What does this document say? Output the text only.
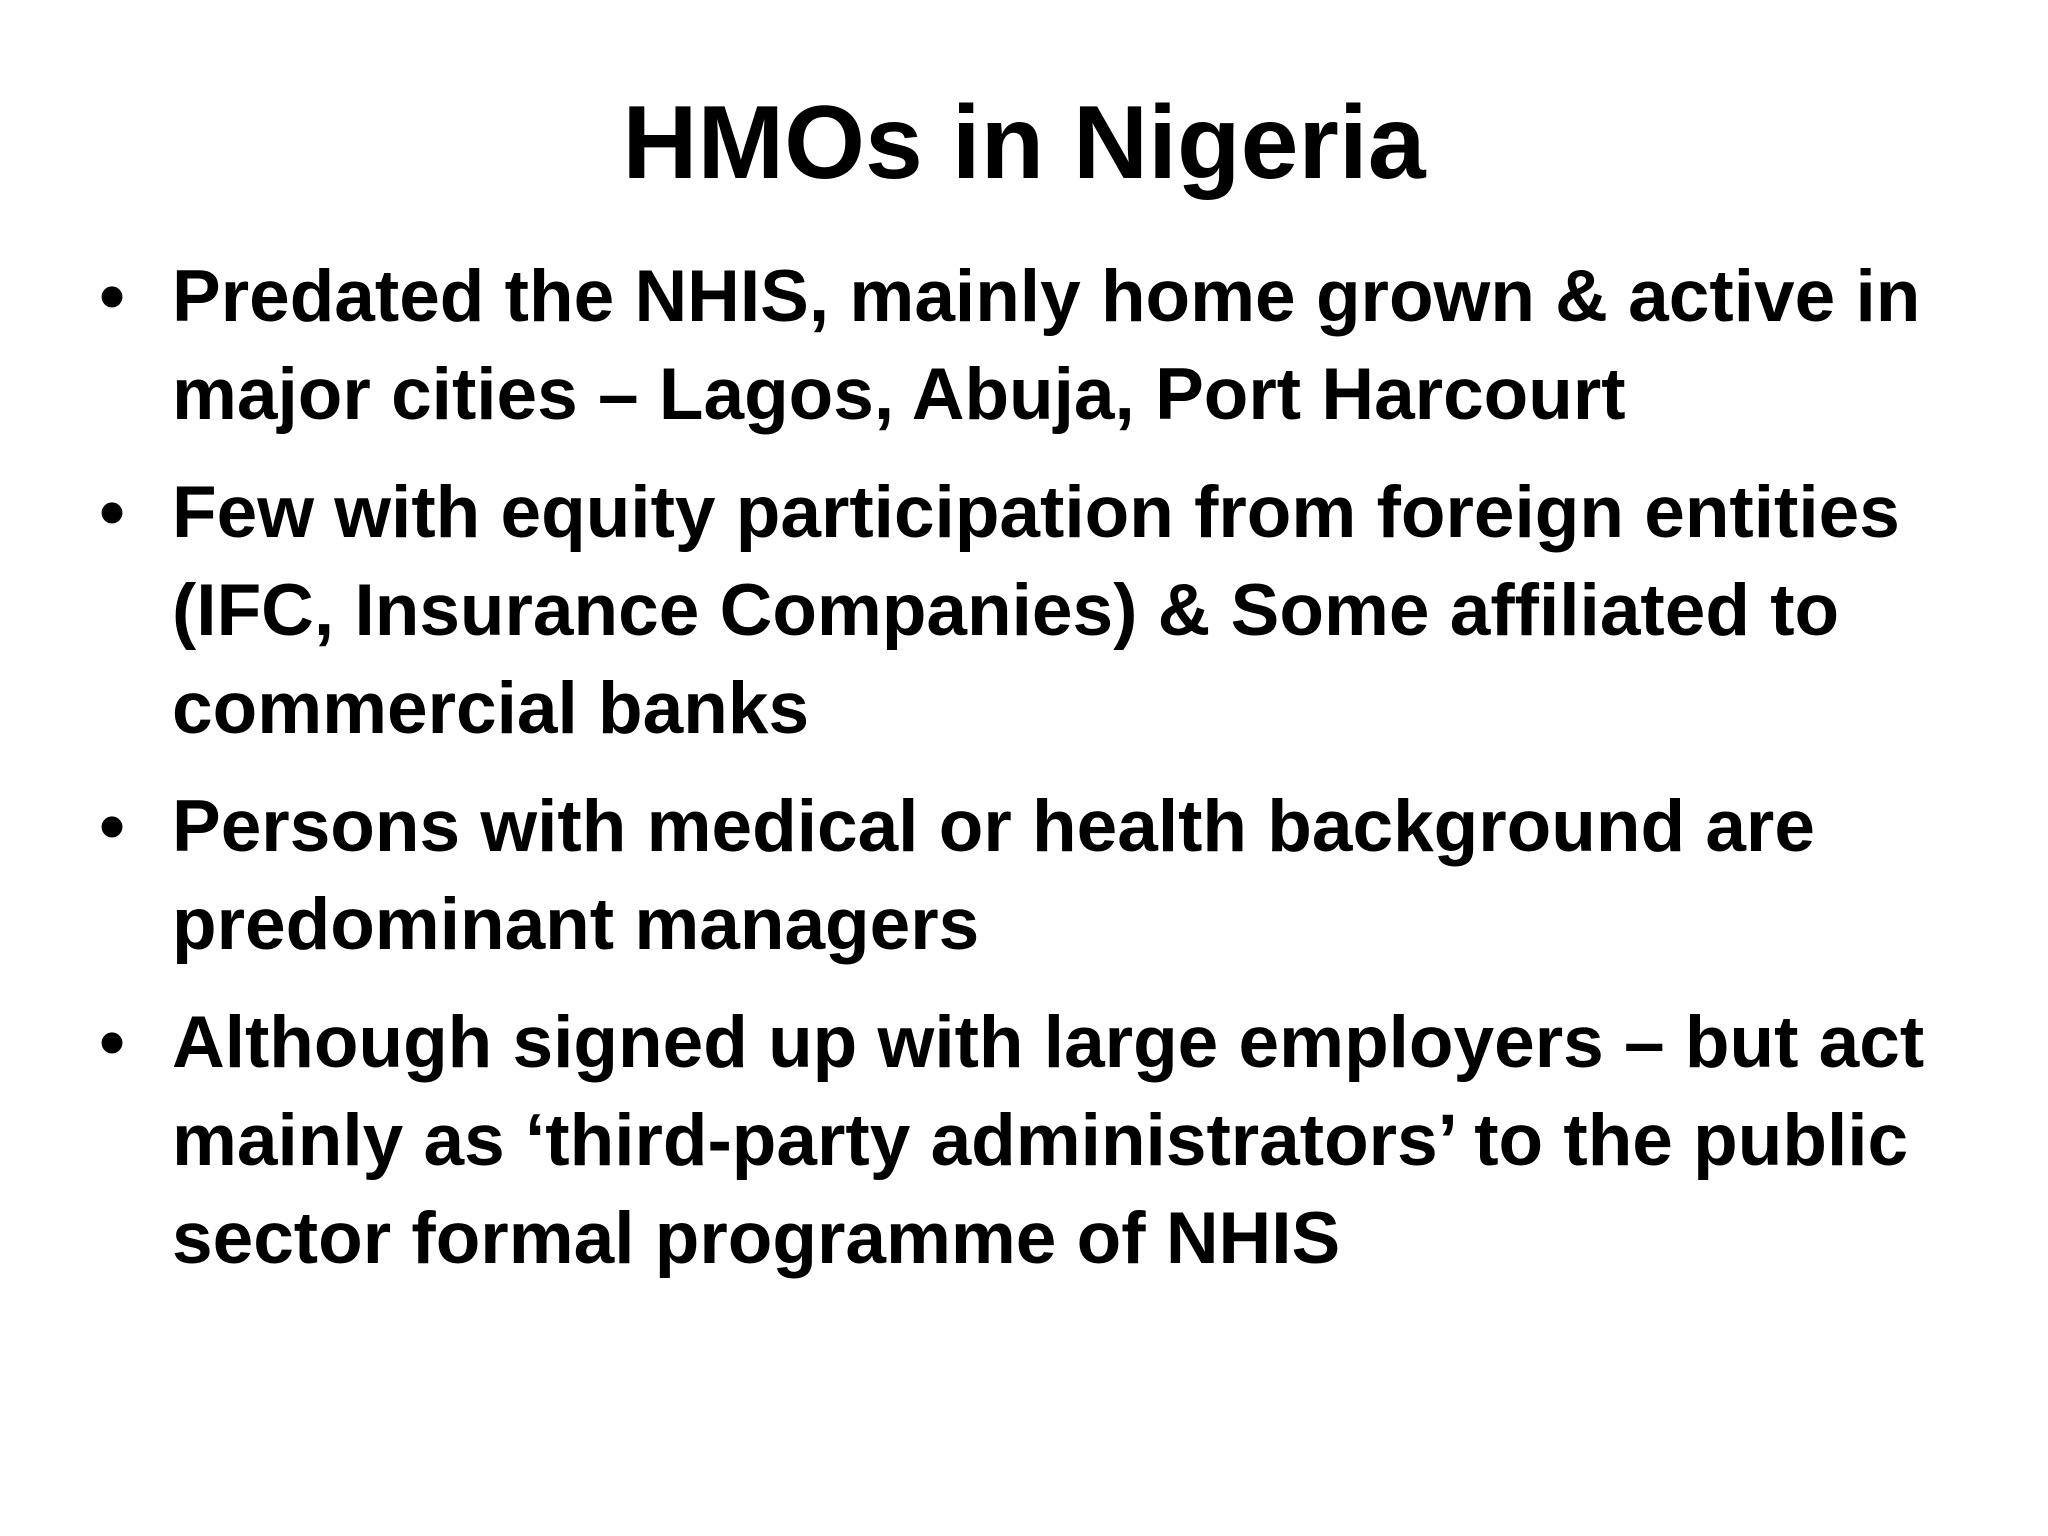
HMOs in Nigeria
• Predated the NHIS, mainly home grown & active in major cities – Lagos, Abuja, Port Harcourt
• Few with equity participation from foreign entities (IFC, Insurance Companies) & Some affiliated to commercial banks
• Persons with medical or health background are predominant managers
• Although signed up with large employers – but act mainly as ‘third-party administrators’ to the public sector formal programme of NHIS
